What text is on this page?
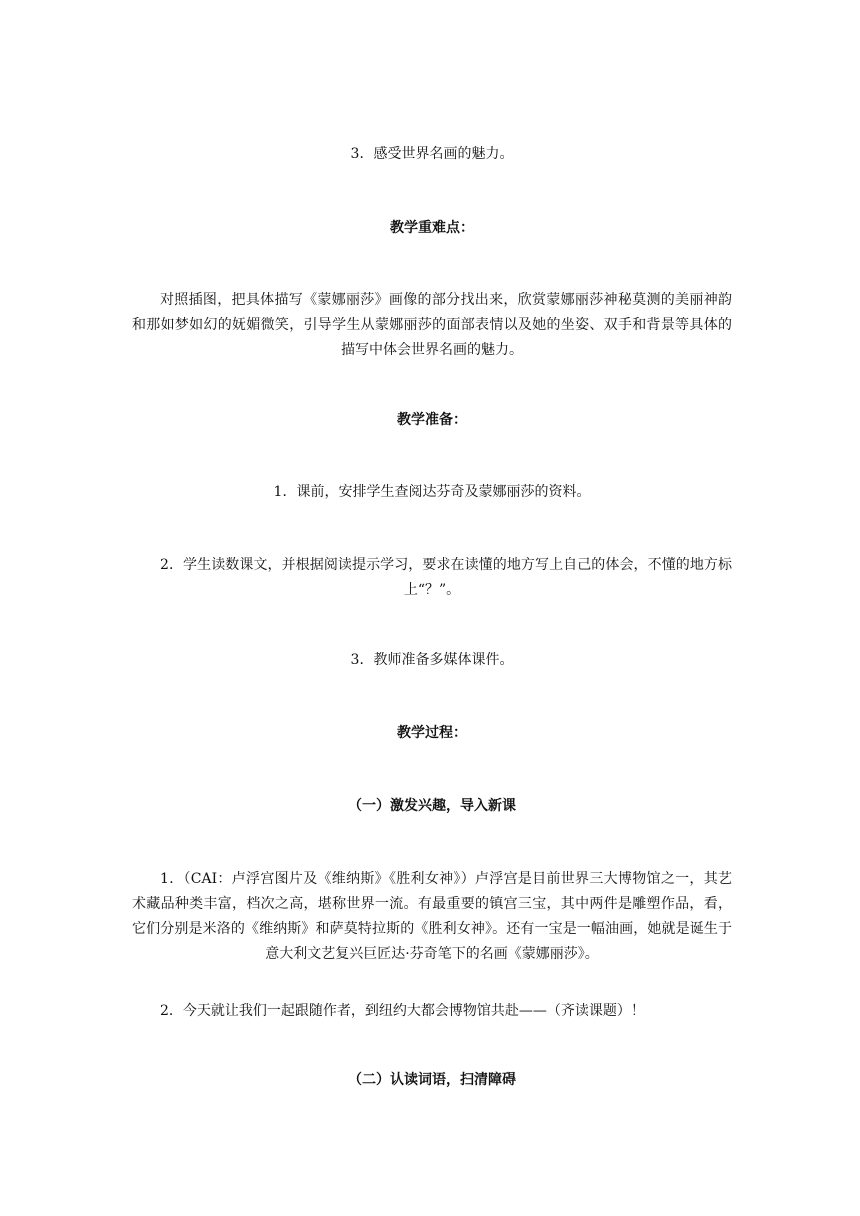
3．感受世界名画的魅力。

教学重难点：

对照插图，把具体描写《蒙娜丽莎》画像的部分找出来，欣赏蒙娜丽莎神秘莫测的美丽神韵和那如梦如幻的妩媚微笑，引导学生从蒙娜丽莎的面部表情以及她的坐姿、双手和背景等具体的描写中体会世界名画的魅力。

教学准备：

1．课前，安排学生查阅达芬奇及蒙娜丽莎的资料。

2．学生读数课文，并根据阅读提示学习，要求在读懂的地方写上自己的体会，不懂的地方标上“？”。

3．教师准备多媒体课件。

教学过程：

（一）激发兴趣，导入新课

1．（CAI：卢浮宫图片及《维纳斯》《胜利女神》）卢浮宫是目前世界三大博物馆之一，其艺术藏品种类丰富，档次之高，堪称世界一流。有最重要的镇宫三宝，其中两件是雕塑作品，看，它们分别是米洛的《维纳斯》和萨莫特拉斯的《胜利女神》。还有一宝是一幅油画，她就是诞生于意大利文艺复兴巨匠达·芬奇笔下的名画《蒙娜丽莎》。

2．今天就让我们一起跟随作者，到纽约大都会博物馆共赴——（齐读课题）！

（二）认读词语，扫清障碍
